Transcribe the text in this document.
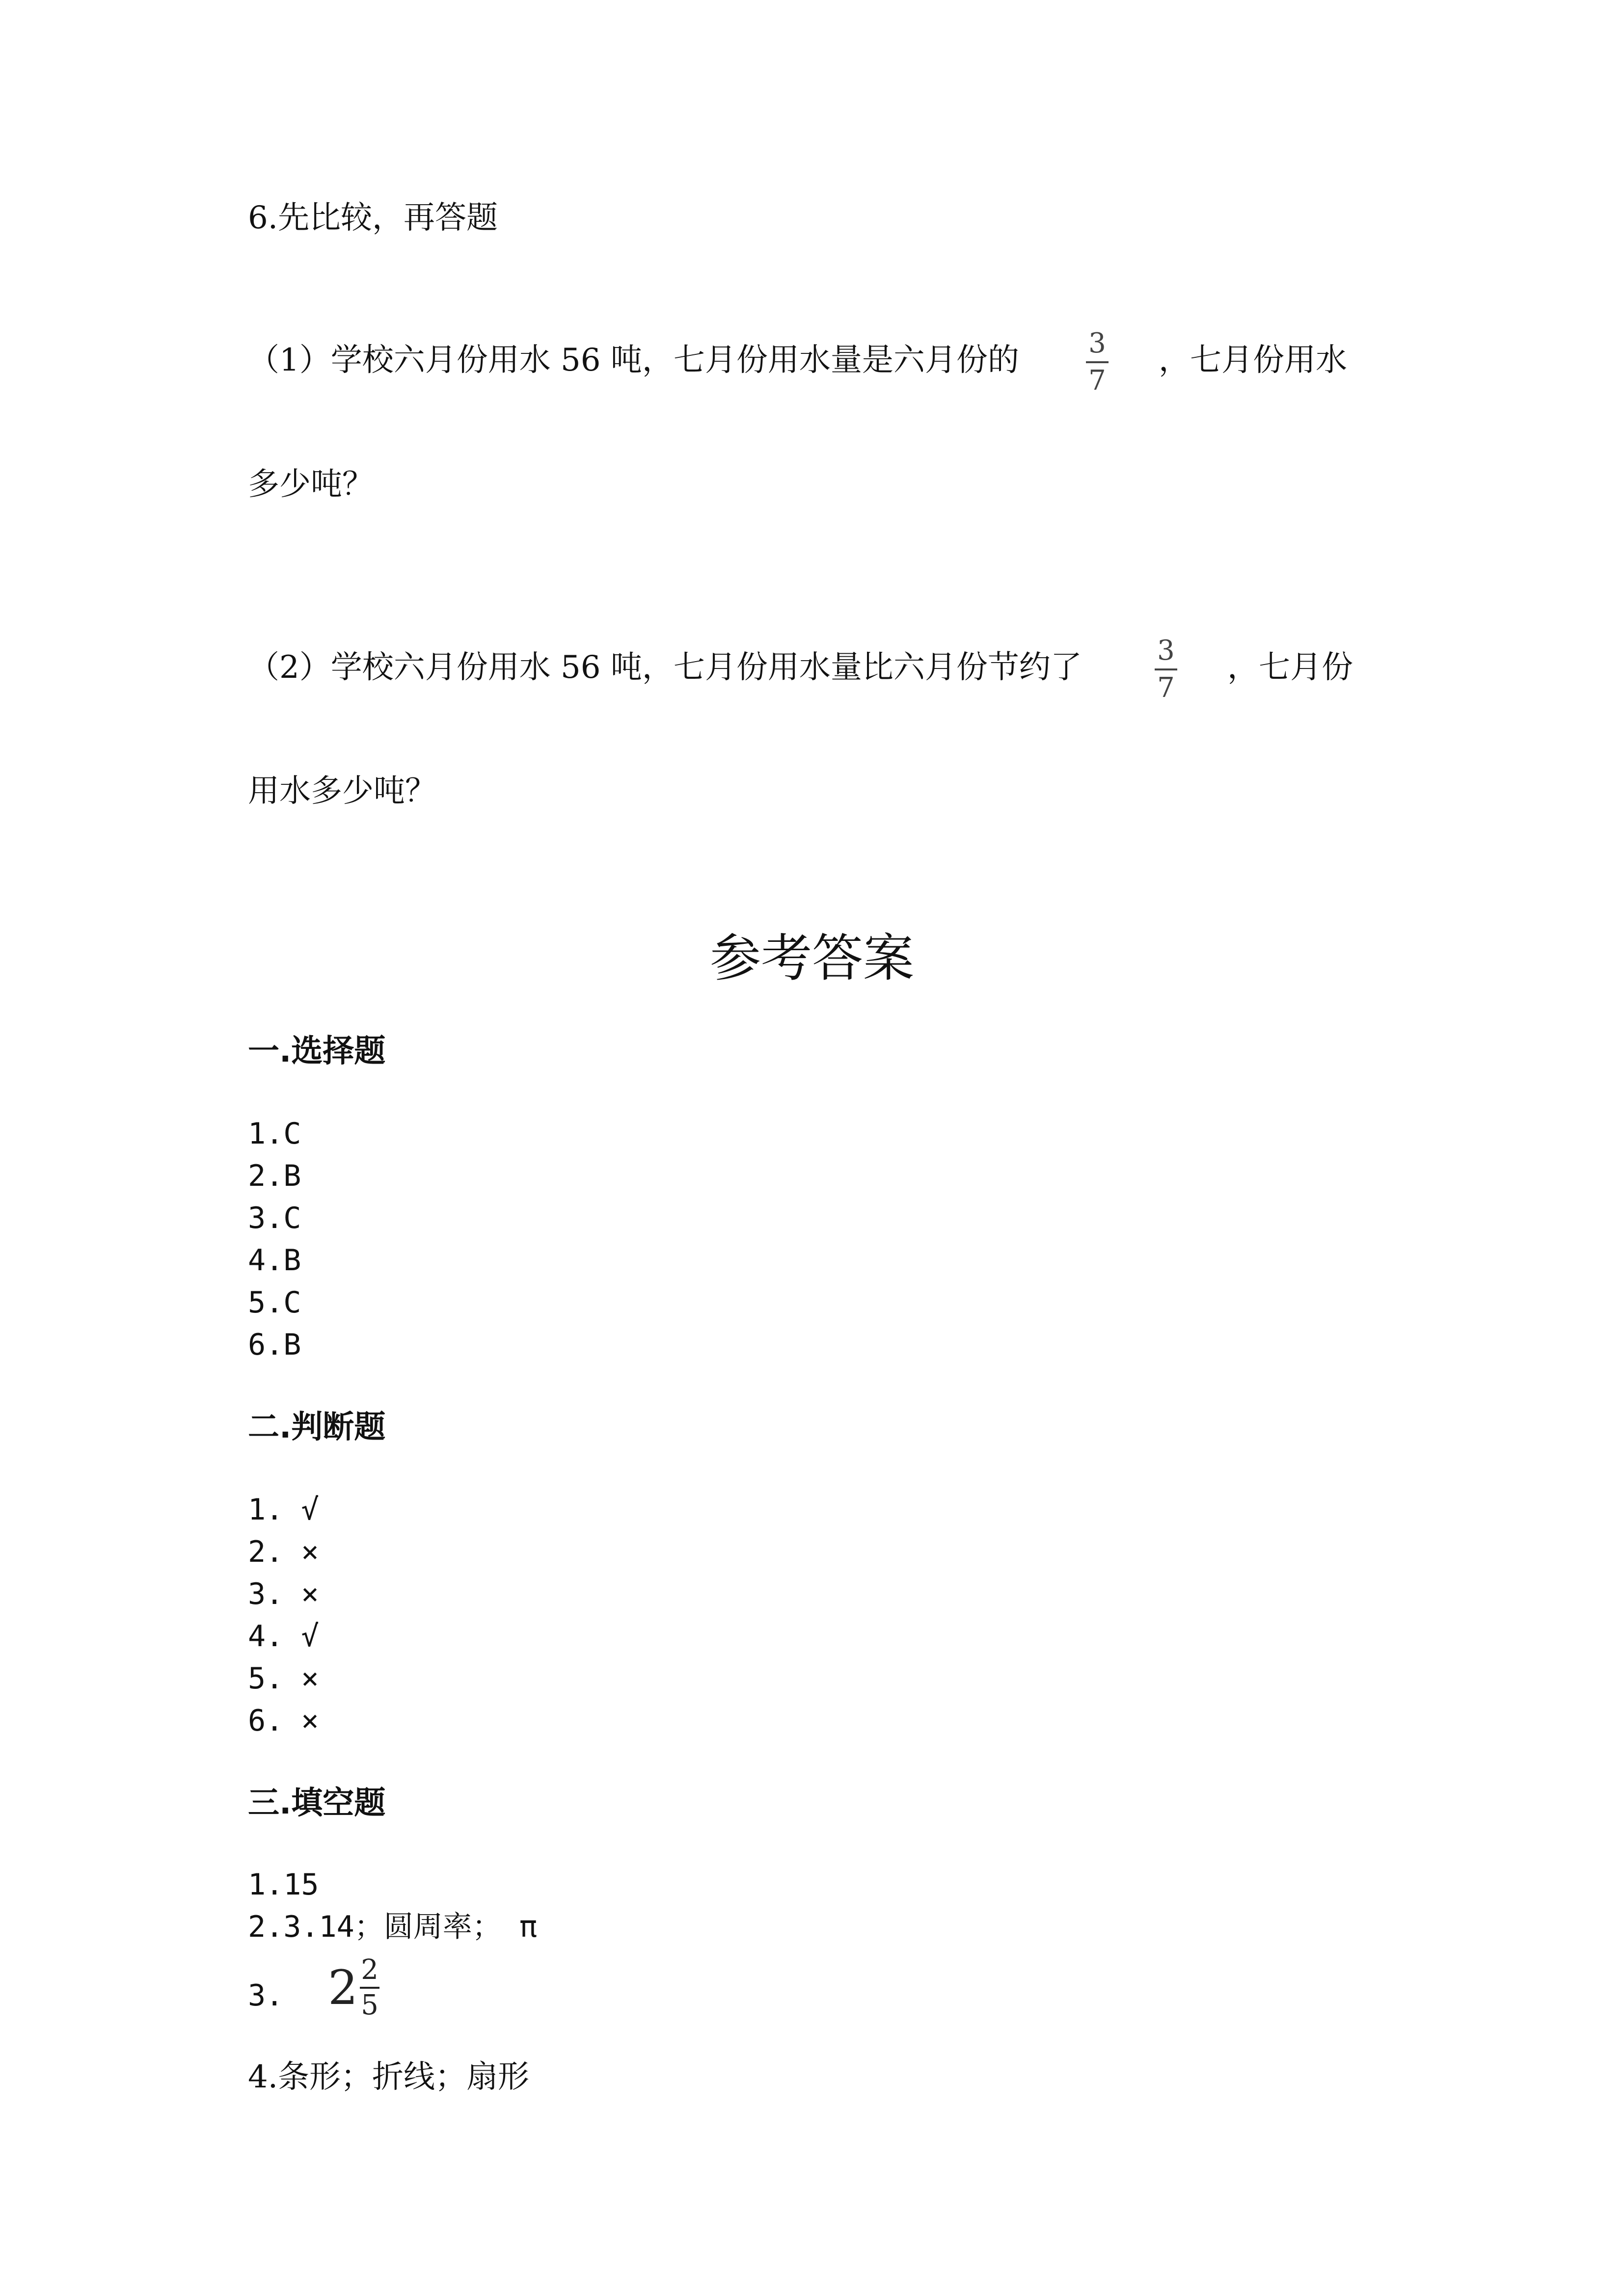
6.先比较，再答题
（1）学校六月份用水 56 吨，七月份用水量是六月份的	3
7
，七月份用水
多少吨？
（2）学校六月份用水 56 吨，七月份用水量比六月份节约了	3
7
，七月份
用水多少吨？
参考答案
一.选择题
1.C
2.B
3.C
4.B
5.C
6.B
二.判断题
1. √
2. ×
3. ×
4. √
5. ×
6. ×
三.填空题
1.15
2.3.14；圆周率； π
3. 2 2
5
4.条形；折线；扇形
